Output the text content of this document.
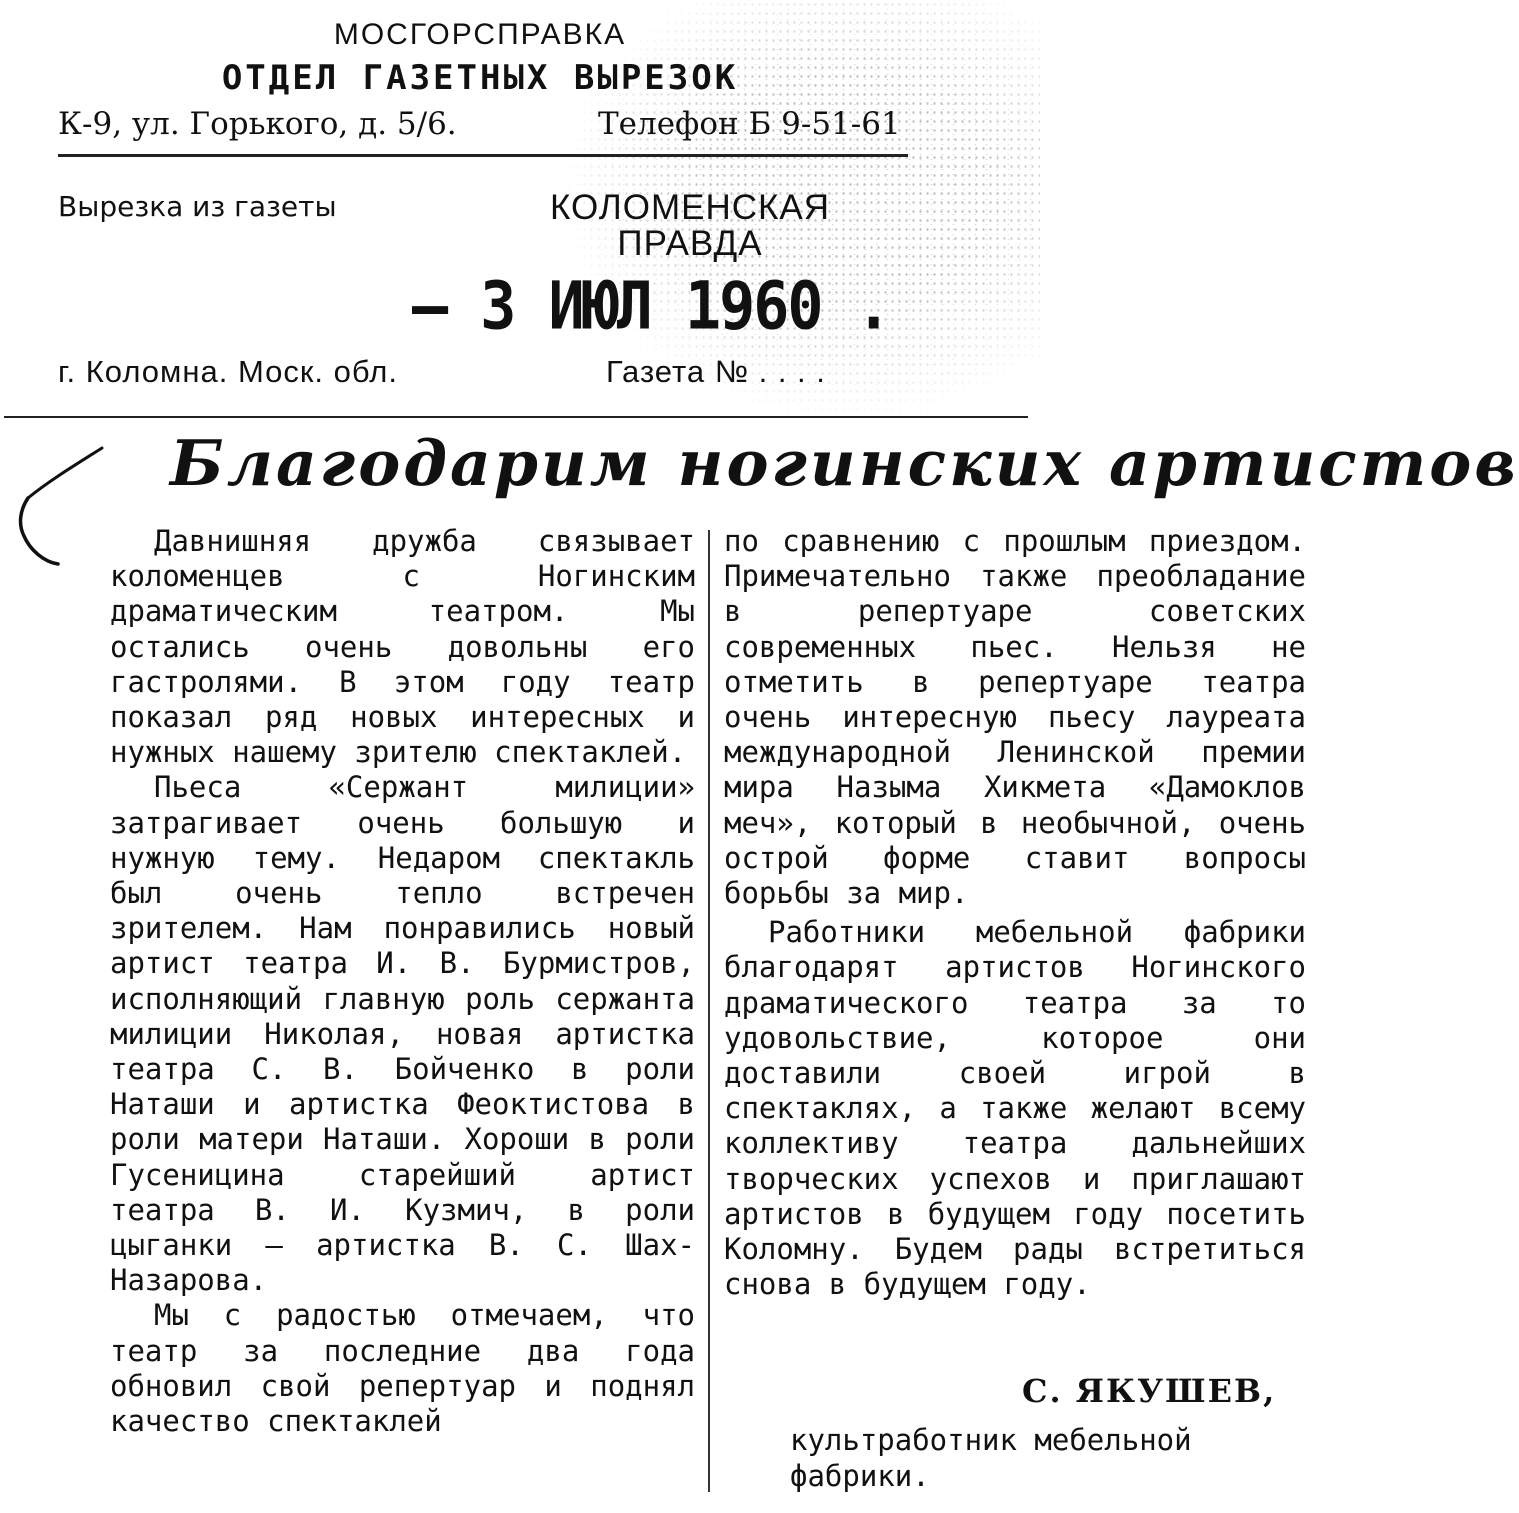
МОСГОРСПРАВКА
ОТДЕЛ ГАЗЕТНЫХ ВЫРЕЗОК
К-9, ул. Горького, д. 5/6.	Телефон Б 9-51-61
Вырезка из газеты	КОЛОМЕНСКАЯ
ПРАВДА
— 3 ИЮЛ 1960 .
г. Коломна. Моск. обл.	Газета № . . . .
Благодарим ногинских артистов

Давнишняя дружба связывает коломенцев с Ногинским драматическим театром. Мы остались очень довольны его гастролями. В этом году театр показал ряд новых интересных и нужных нашему зрителю спектаклей.

Пьеса «Сержант милиции» затрагивает очень большую и нужную тему. Недаром спектакль был очень тепло встречен зрителем. Нам понравились новый артист театра И. В. Бурмистров, исполняющий главную роль сержанта милиции Николая, новая артистка театра С. В. Бойченко в роли Наташи и артистка Феоктистова в роли матери Наташи. Хороши в роли Гусеницина старейший артист театра В. И. Кузмич, в роли цыганки — артистка В. С. Шах-Назарова.

Мы с радостью отмечаем, что театр за последние два года обновил свой репертуар и поднял качество спектаклей

по сравнению с прошлым приездом. Примечательно также преобладание в репертуаре советских современных пьес. Нельзя не отметить в репертуаре театра очень интересную пьесу лауреата международной Ленинской премии мира Назыма Хикмета «Дамоклов меч», который в необычной, очень острой форме ставит вопросы борьбы за мир.

Работники мебельной фабрики благодарят артистов Ногинского драматического театра за то удовольствие, которое они доставили своей игрой в спектаклях, а также желают всему коллективу театра дальнейших творческих успехов и приглашают артистов в будущем году посетить Коломну. Будем рады встретиться снова в будущем году.

С. ЯКУШЕВ,
культработник мебельной фабрики.
